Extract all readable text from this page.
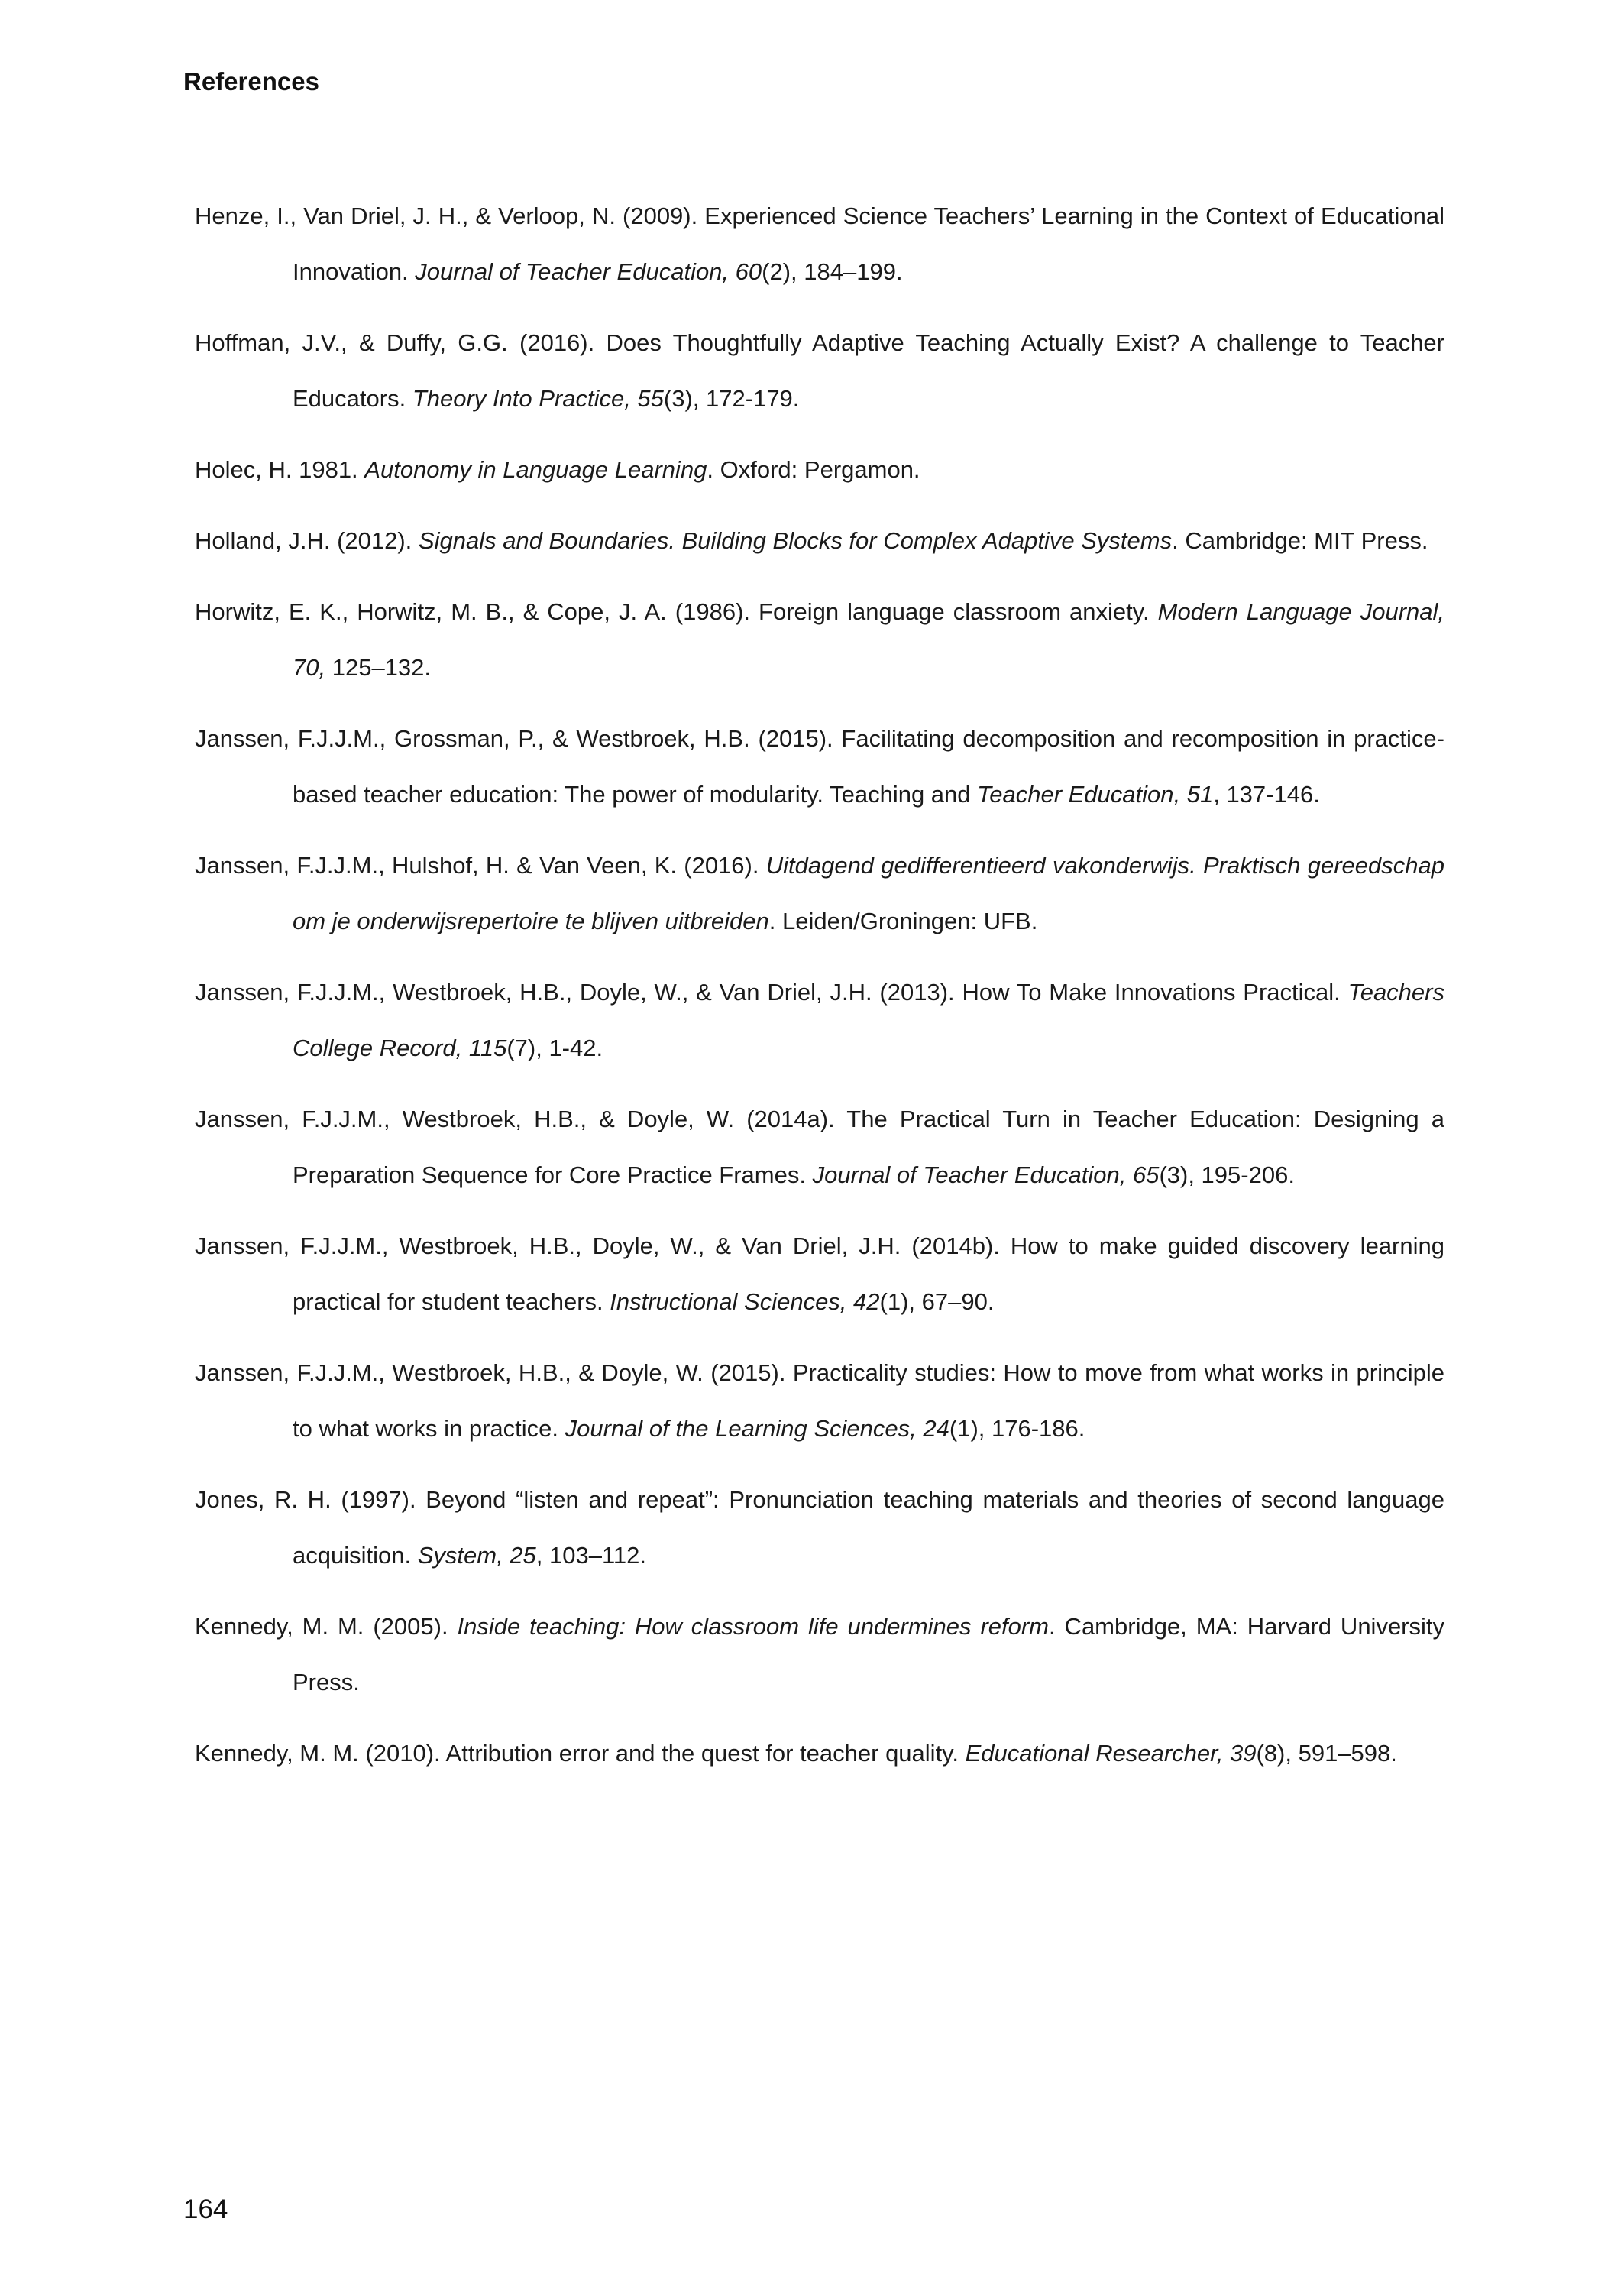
References

Henze, I., Van Driel, J. H., & Verloop, N. (2009). Experienced Science Teachers’ Learning in the Context of Educational Innovation. Journal of Teacher Education, 60(2), 184–199.

Hoffman, J.V., & Duffy, G.G. (2016). Does Thoughtfully Adaptive Teaching Actually Exist? A challenge to Teacher Educators. Theory Into Practice, 55(3), 172-179.

Holec, H. 1981. Autonomy in Language Learning. Oxford: Pergamon.

Holland, J.H. (2012). Signals and Boundaries. Building Blocks for Complex Adaptive Systems. Cambridge: MIT Press.

Horwitz, E. K., Horwitz, M. B., & Cope, J. A. (1986). Foreign language classroom anxiety. Modern Language Journal, 70, 125–132.

Janssen, F.J.J.M., Grossman, P., & Westbroek, H.B. (2015). Facilitating decomposition and recomposition in practice-based teacher education: The power of modularity. Teaching and Teacher Education, 51, 137-146.

Janssen, F.J.J.M., Hulshof, H. & Van Veen, K. (2016). Uitdagend gedifferentieerd vakonderwijs. Praktisch gereedschap om je onderwijsrepertoire te blijven uitbreiden. Leiden/Groningen: UFB.

Janssen, F.J.J.M., Westbroek, H.B., Doyle, W., & Van Driel, J.H. (2013). How To Make Innovations Practical. Teachers College Record, 115(7), 1-42.

Janssen, F.J.J.M., Westbroek, H.B., & Doyle, W. (2014a). The Practical Turn in Teacher Education: Designing a Preparation Sequence for Core Practice Frames. Journal of Teacher Education, 65(3), 195-206.

Janssen, F.J.J.M., Westbroek, H.B., Doyle, W., & Van Driel, J.H. (2014b). How to make guided discovery learning practical for student teachers. Instructional Sciences, 42(1), 67–90.

Janssen, F.J.J.M., Westbroek, H.B., & Doyle, W. (2015). Practicality studies: How to move from what works in principle to what works in practice. Journal of the Learning Sciences, 24(1), 176-186.

Jones, R. H. (1997). Beyond “listen and repeat”: Pronunciation teaching materials and theories of second language acquisition. System, 25, 103–112.

Kennedy, M. M. (2005). Inside teaching: How classroom life undermines reform. Cambridge, MA: Harvard University Press.

Kennedy, M. M. (2010). Attribution error and the quest for teacher quality. Educational Researcher, 39(8), 591–598.

164
